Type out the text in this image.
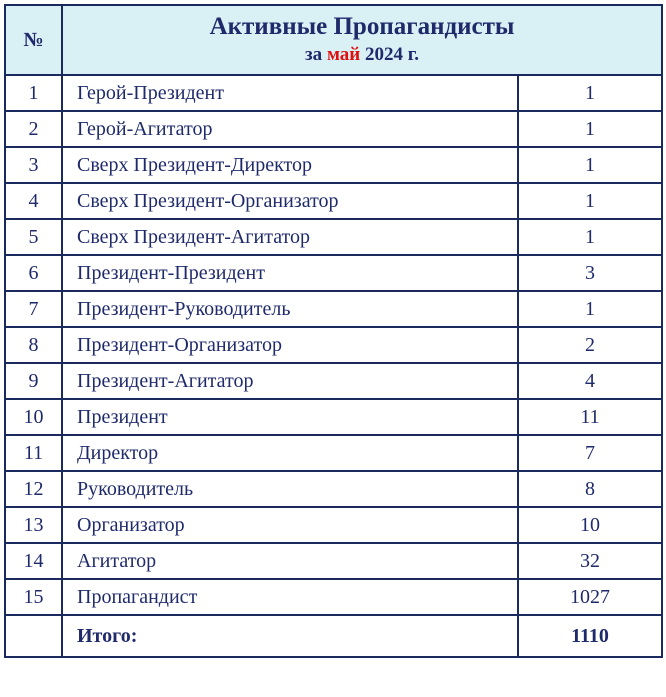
№	Активные Пропагандисты
за май 2024 г.	

1	Герой-Президент	1
2	Герой-Агитатор	1
3	Сверх Президент-Директор	1
4	Сверх Президент-Организатор	1
5	Сверх Президент-Агитатор	1
6	Президент-Президент	3
7	Президент-Руководитель	1
8	Президент-Организатор	2
9	Президент-Агитатор	4
10	Президент	11
11	Директор	7
12	Руководитель	8
13	Организатор	10
14	Агитатор	32
15	Пропагандист	1027
	Итого:	1110
